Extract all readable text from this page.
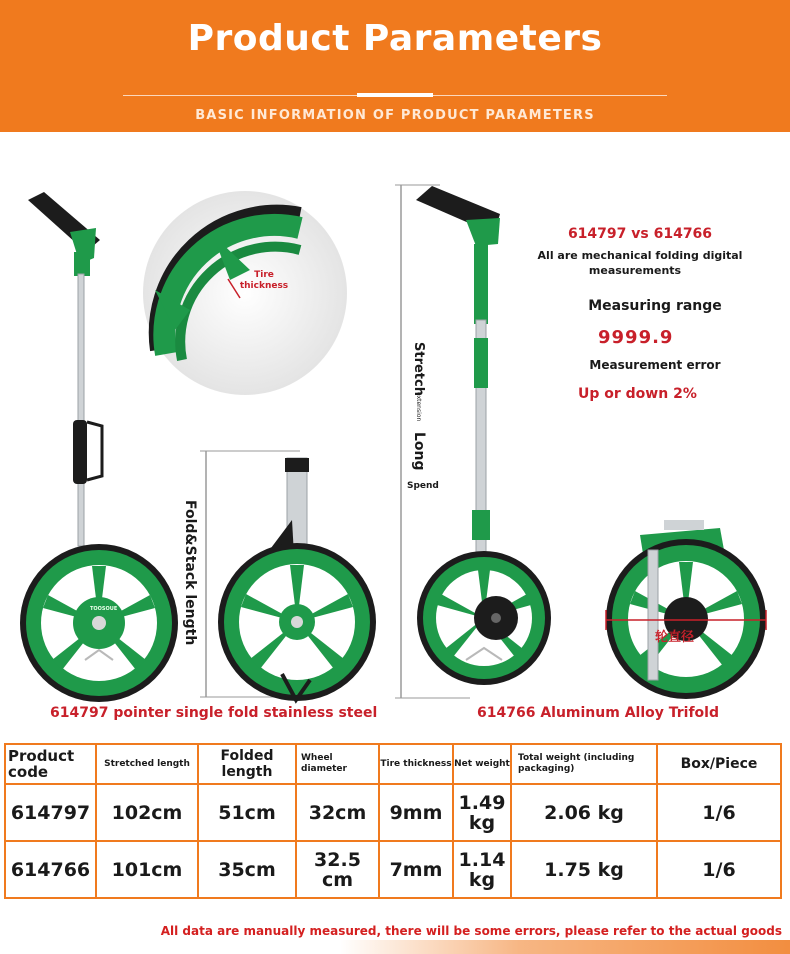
Product Parameters
BASIC INFORMATION OF PRODUCT PARAMETERS
Tire thickness
Fold&Stack length
Stretch
extension
Long
Spend
TOOSOUE
轮直径
614797 pointer single fold stainless steel	614766 Aluminum Alloy Trifold
614797 vs 614766
All are mechanical folding digital
measurements
Measuring range
9999.9
Measurement error
Up or down 2%
Product code	Stretched length	Folded length	Wheel diameter	Tire thickness	Net weight	Total weight (including packaging)	Box/Piece
614797	102cm	51cm	32cm	9mm	1.49 kg	2.06 kg	1/6
614766	101cm	35cm	32.5 cm	7mm	1.14 kg	1.75 kg	1/6
All data are manually measured, there will be some errors, please refer to the actual goods
